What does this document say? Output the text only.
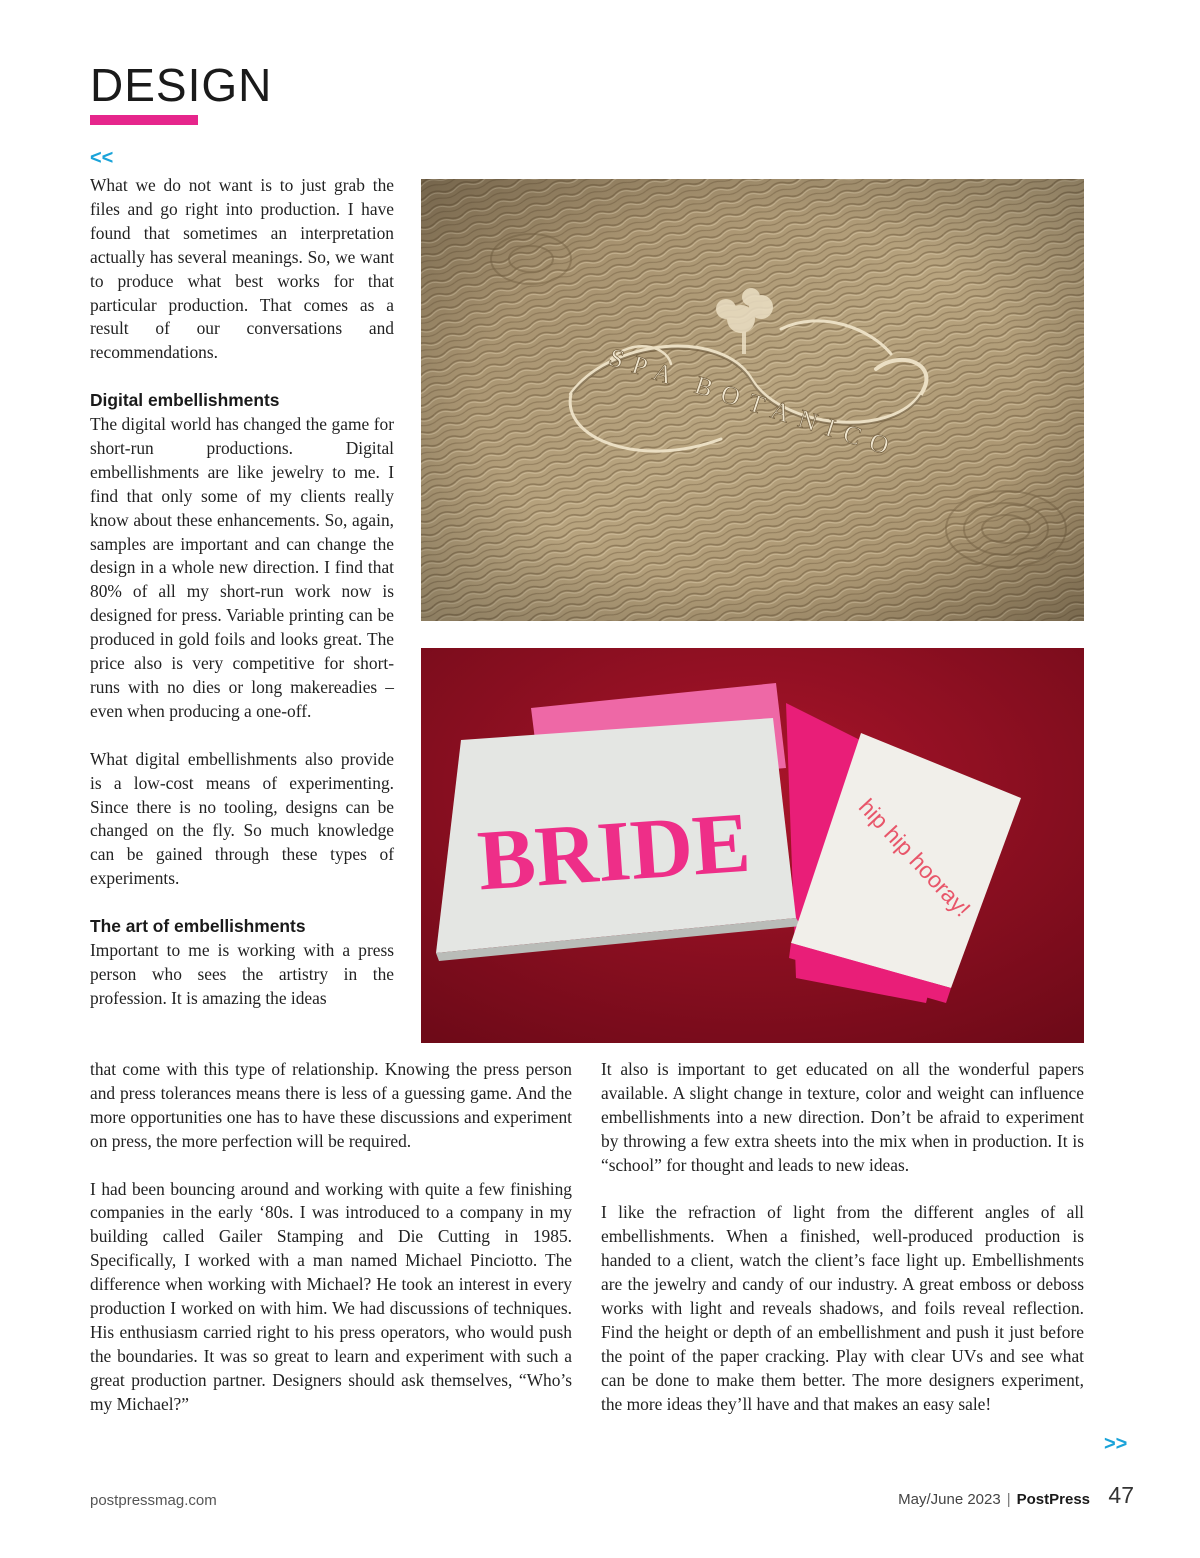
DESIGN
<<

What we do not want is to just grab the files and go right into production. I have found that sometimes an interpretation actually has several meanings. So, we want to produce what best works for that particular production. That comes as a result of our conversations and recommendations.

Digital embellishments

The digital world has changed the game for short-run productions. Digital embellishments are like jewelry to me. I find that only some of my clients really know about these enhancements. So, again, samples are important and can change the design in a whole new direction. I find that 80% of all my short-run work now is designed for press. Variable printing can be produced in gold foils and looks great. The price also is very competitive for short-runs with no dies or long makereadies – even when producing a one-off.

What digital embellishments also provide is a low-cost means of experimenting. Since there is no tooling, designs can be changed on the fly. So much knowledge can be gained through these types of experiments.

The art of embellishments

Important to me is working with a press person who sees the artistry in the profession. It is amazing the ideas

BRIDE	hip hip hooray!

that come with this type of relationship. Knowing the press person and press tolerances means there is less of a guessing game. And the more opportunities one has to have these discussions and experiment on press, the more perfection will be required.

I had been bouncing around and working with quite a few finishing companies in the early ‘80s. I was introduced to a company in my building called Gailer Stamping and Die Cutting in 1985. Specifically, I worked with a man named Michael Pinciotto. The difference when working with Michael? He took an interest in every production I worked on with him. We had discussions of techniques. His enthusiasm carried right to his press operators, who would push the boundaries. It was so great to learn and experiment with such a great production partner. Designers should ask themselves, “Who’s my Michael?”

It also is important to get educated on all the wonderful papers available. A slight change in texture, color and weight can influence embellishments into a new direction. Don’t be afraid to experiment by throwing a few extra sheets into the mix when in production. It is “school” for thought and leads to new ideas.

I like the refraction of light from the different angles of all embellishments. When a finished, well-produced production is handed to a client, watch the client’s face light up. Embellishments are the jewelry and candy of our industry. A great emboss or deboss works with light and reveals shadows, and foils reveal reflection. Find the height or depth of an embellishment and push it just before the point of the paper cracking. Play with clear UVs and see what can be done to make them better. The more designers experiment, the more ideas they’ll have and that makes an easy sale!

>>
postpressmag.com	May/June 2023 | PostPress 47
